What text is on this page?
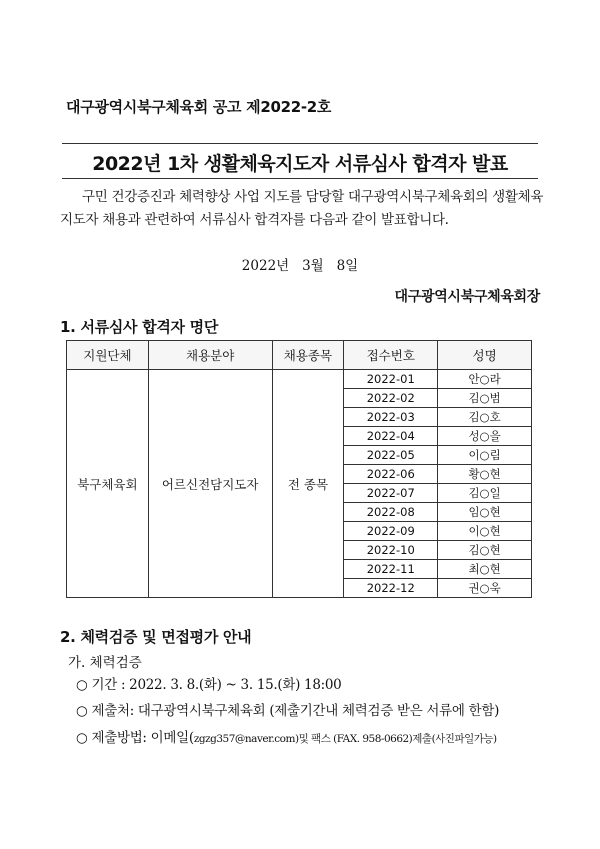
대구광역시북구체육회 공고 제2022-2호
2022년 1차 생활체육지도자 서류심사 합격자 발표
구민 건강증진과 체력향상 사업 지도를 담당할 대구광역시북구체육회의 생활체육지도자 채용과 관련하여 서류심사 합격자를 다음과 같이 발표합니다.
2022년   3월   8일
대구광역시북구체육회장
1. 서류심사 합격자 명단
지원단체	채용분야	채용종목	접수번호	성명
북구체육회	어르신전담지도자	전 종목	2022-01	안○라
			2022-02	김○범
			2022-03	김○호
			2022-04	성○을
			2022-05	이○림
			2022-06	황○현
			2022-07	김○일
			2022-08	임○현
			2022-09	이○현
			2022-10	김○현
			2022-11	최○현
			2022-12	권○욱
2. 체력검증 및 면접평가 안내
가. 체력검증
○ 기간 : 2022. 3. 8.(화) ~ 3. 15.(화) 18:00
○ 제출처: 대구광역시북구체육회 (제출기간내 체력검증 받은 서류에 한함)
○ 제출방법: 이메일(zgzg357@naver.com)및 팩스 (FAX. 958-0662)제출(사진파일가능)
